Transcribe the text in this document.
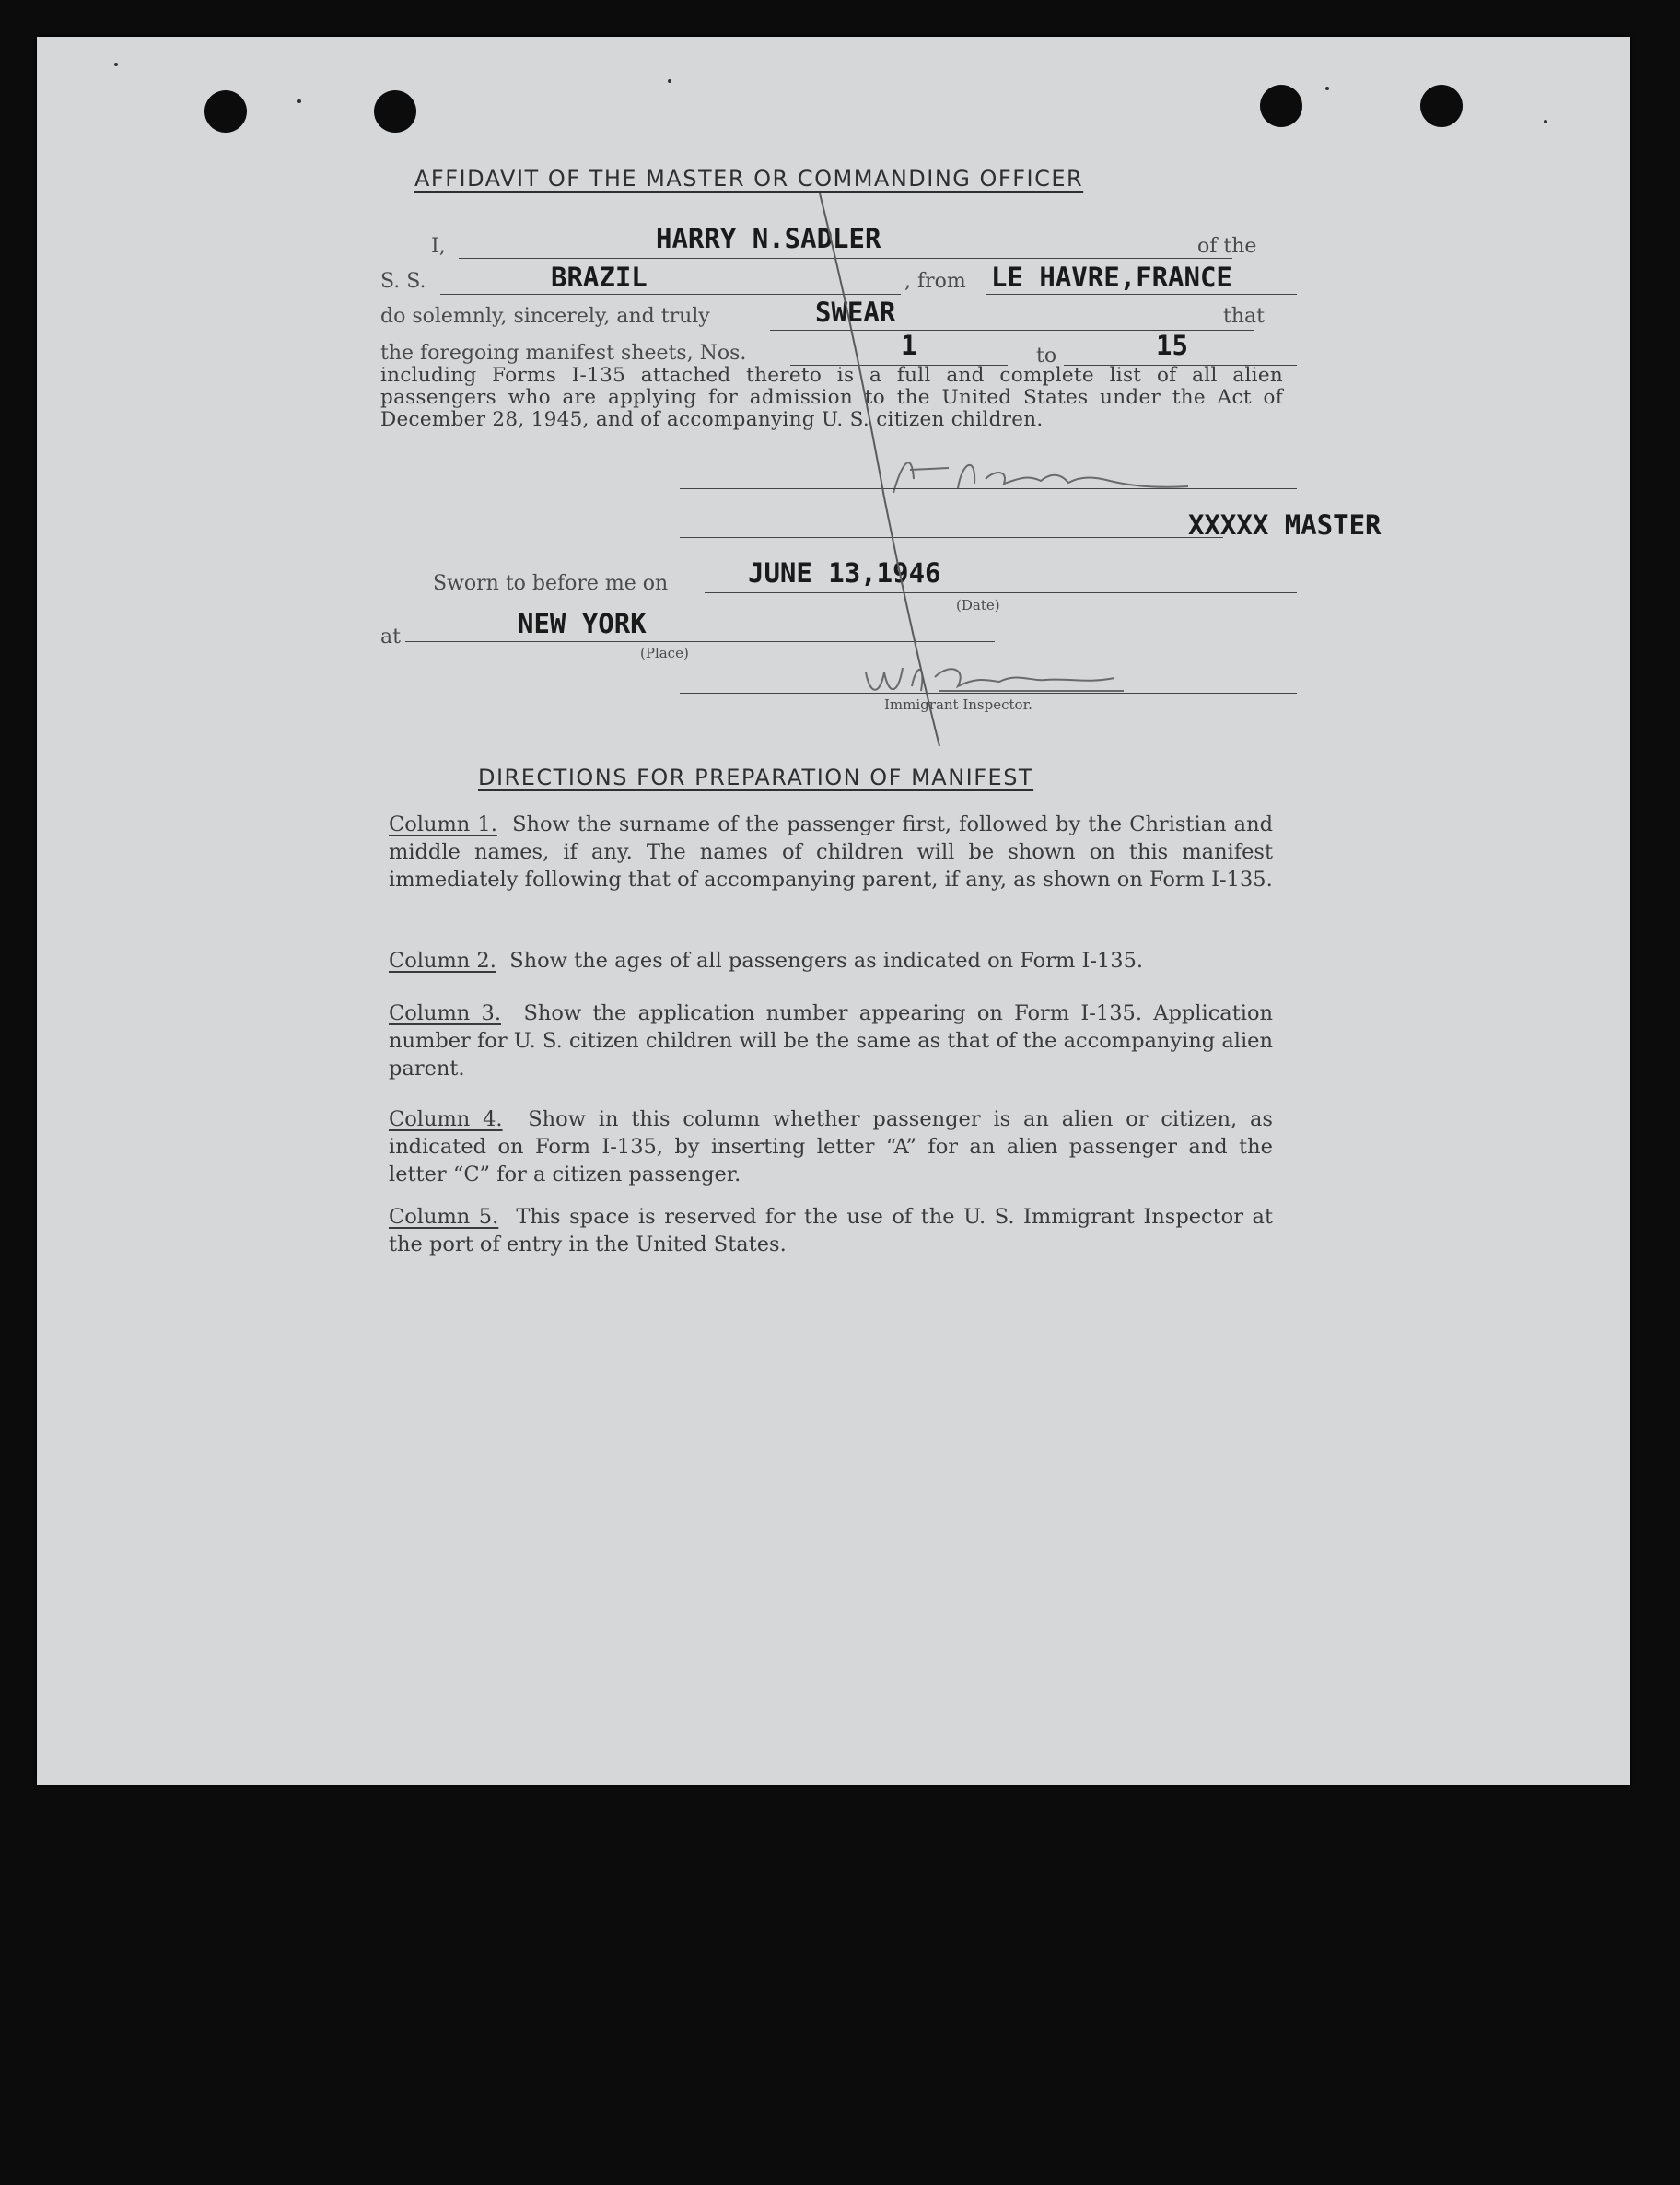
AFFIDAVIT OF THE MASTER OR COMMANDING OFFICER
I,	HARRY N.SADLER	of the
S. S.	BRAZIL	, from LE HAVRE,FRANCE
do solemnly, sincerely, and truly	SWEAR	that
the foregoing manifest sheets, Nos.	1	to	15
including Forms I-135 attached thereto is a full and complete list of all alien passengers who are applying for admission to the United States under the Act of December 28, 1945, and of accompanying U. S. citizen children.
XXXXX MASTER
Sworn to before me on	JUNE 13,1946
(Date)
at	NEW YORK
(Place)
Immigrant Inspector.
DIRECTIONS FOR PREPARATION OF MANIFEST
Column 1. Show the surname of the passenger first, followed by the Christian and middle names, if any. The names of children will be shown on this manifest immediately following that of accompanying parent, if any, as shown on Form I-135.
Column 2. Show the ages of all passengers as indicated on Form I-135.
Column 3. Show the application number appearing on Form I-135. Application number for U. S. citizen children will be the same as that of the accompanying alien parent.
Column 4. Show in this column whether passenger is an alien or citizen, as indicated on Form I-135, by inserting letter “A” for an alien passenger and the letter “C” for a citizen passenger.
Column 5. This space is reserved for the use of the U. S. Immigrant Inspector at the port of entry in the United States.
